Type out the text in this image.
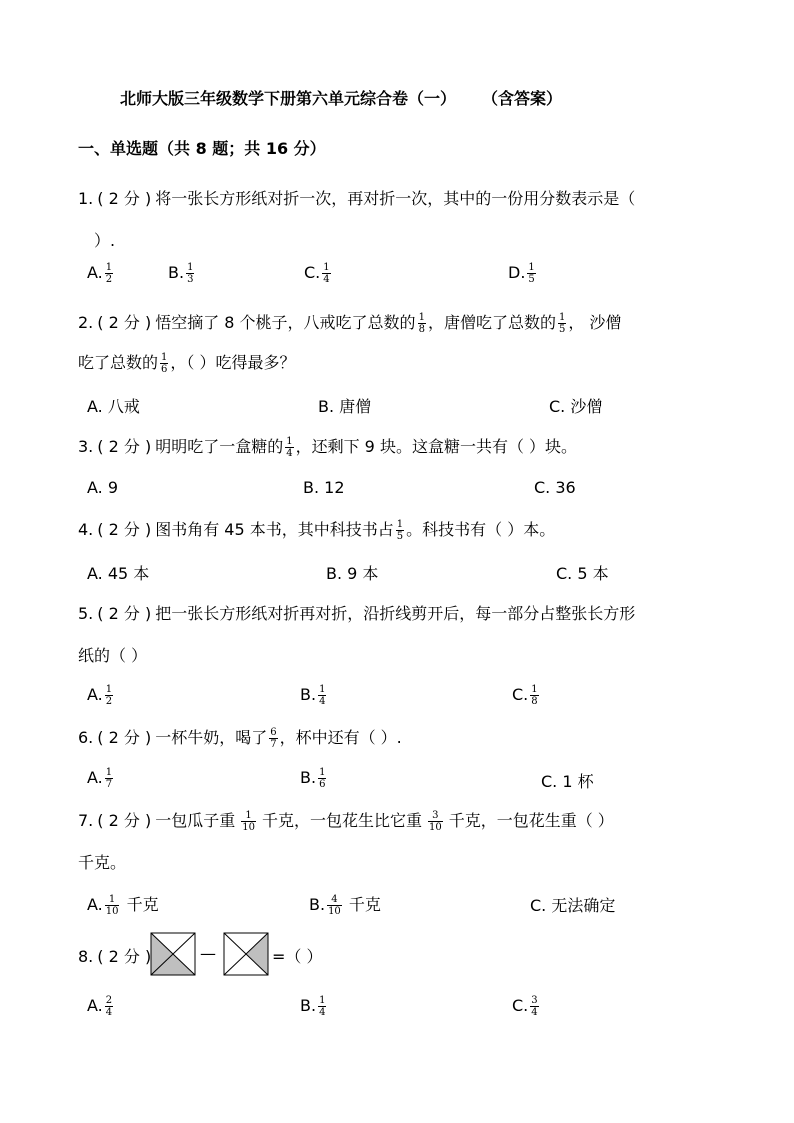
北师大版三年级数学下册第六单元综合卷（一） （含答案）
一、单选题（共 8 题；共 16 分）
1. ( 2 分 ) 将一张长方形纸对折一次，再对折一次，其中的一份用分数表示是（
）.
A. $\frac{1}{2}$	B. $\frac{1}{3}$	C. $\frac{1}{4}$	D. $\frac{1}{5}$
2. ( 2 分 ) 悟空摘了 8 个桃子，八戒吃了总数的 $\frac{1}{8}$ ，唐僧吃了总数的 $\frac{1}{5}$ ， 沙僧
吃了总数的 $\frac{1}{6}$ ，（ ）吃得最多？
A. 八戒	B. 唐僧	C. 沙僧
3. ( 2 分 ) 明明吃了一盒糖的 $\frac{1}{4}$ ，还剩下 9 块。这盒糖一共有（ ）块。
A. 9	B. 12	C. 36
4. ( 2 分 ) 图书角有 45 本书，其中科技书占 $\frac{1}{5}$ 。科技书有（ ）本。
A. 45 本	B. 9 本	C. 5 本
5. ( 2 分 ) 把一张长方形纸对折再对折，沿折线剪开后，每一部分占整张长方形
纸的（ ）
A. $\frac{1}{2}$	B. $\frac{1}{4}$	C. $\frac{1}{8}$
6. ( 2 分 ) 一杯牛奶，喝了 $\frac{6}{7}$ ，杯中还有（ ）.
A. $\frac{1}{7}$	B. $\frac{1}{6}$	C. 1 杯
7. ( 2 分 ) 一包瓜子重 $\frac{1}{10}$ 千克，一包花生比它重 $\frac{3}{10}$ 千克，一包花生重（ ）
千克。
A. $\frac{1}{10}$ 千克	B. $\frac{4}{10}$ 千克	C. 无法确定
8. ( 2 分 )	—	=（ ）
A. $\frac{2}{4}$	B. $\frac{1}{4}$	C. $\frac{3}{4}$
